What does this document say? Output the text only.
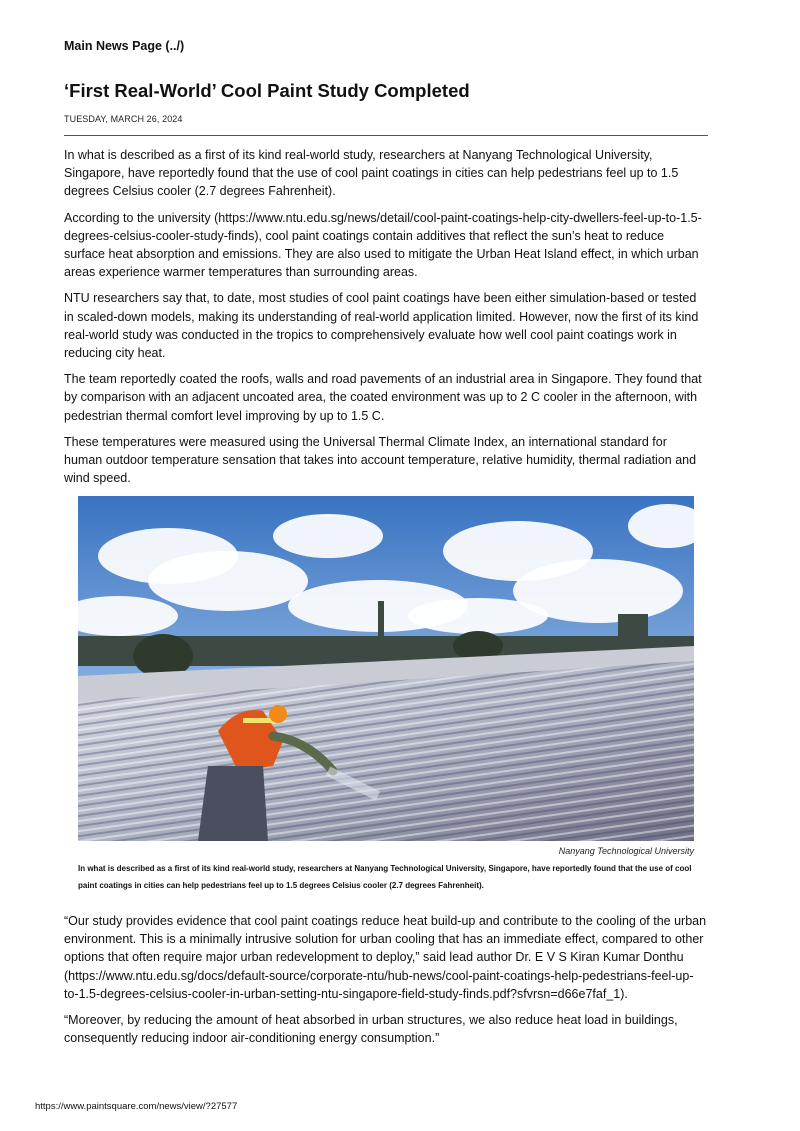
Main News Page (../)
‘First Real-World’ Cool Paint Study Completed
TUESDAY, MARCH 26, 2024

In what is described as a first of its kind real-world study, researchers at Nanyang Technological University, Singapore, have reportedly found that the use of cool paint coatings in cities can help pedestrians feel up to 1.5 degrees Celsius cooler (2.7 degrees Fahrenheit).

According to the university (https://www.ntu.edu.sg/news/detail/cool-paint-coatings-help-city-dwellers-feel-up-to-1.5-degrees-celsius-cooler-study-finds), cool paint coatings contain additives that reflect the sun’s heat to reduce surface heat absorption and emissions. They are also used to mitigate the Urban Heat Island effect, in which urban areas experience warmer temperatures than surrounding areas.

NTU researchers say that, to date, most studies of cool paint coatings have been either simulation-based or tested in scaled-down models, making its understanding of real-world application limited. However, now the first of its kind real-world study was conducted in the tropics to comprehensively evaluate how well cool paint coatings work in reducing city heat.

The team reportedly coated the roofs, walls and road pavements of an industrial area in Singapore. They found that by comparison with an adjacent uncoated area, the coated environment was up to 2 C cooler in the afternoon, with pedestrian thermal comfort level improving by up to 1.5 C.

These temperatures were measured using the Universal Thermal Climate Index, an international standard for human outdoor temperature sensation that takes into account temperature, relative humidity, thermal radiation and wind speed.

Nanyang Technological University
In what is described as a first of its kind real-world study, researchers at Nanyang Technological University, Singapore, have reportedly found that the use of cool paint coatings in cities can help pedestrians feel up to 1.5 degrees Celsius cooler (2.7 degrees Fahrenheit).

“Our study provides evidence that cool paint coatings reduce heat build-up and contribute to the cooling of the urban environment. This is a minimally intrusive solution for urban cooling that has an immediate effect, compared to other options that often require major urban redevelopment to deploy,” said lead author Dr. E V S Kiran Kumar Donthu (https://www.ntu.edu.sg/docs/default-source/corporate-ntu/hub-news/cool-paint-coatings-help-pedestrians-feel-up-to-1.5-degrees-celsius-cooler-in-urban-setting-ntu-singapore-field-study-finds.pdf?sfvrsn=d66e7faf_1).

“Moreover, by reducing the amount of heat absorbed in urban structures, we also reduce heat load in buildings, consequently reducing indoor air-conditioning energy consumption.”

https://www.paintsquare.com/news/view/?27577
